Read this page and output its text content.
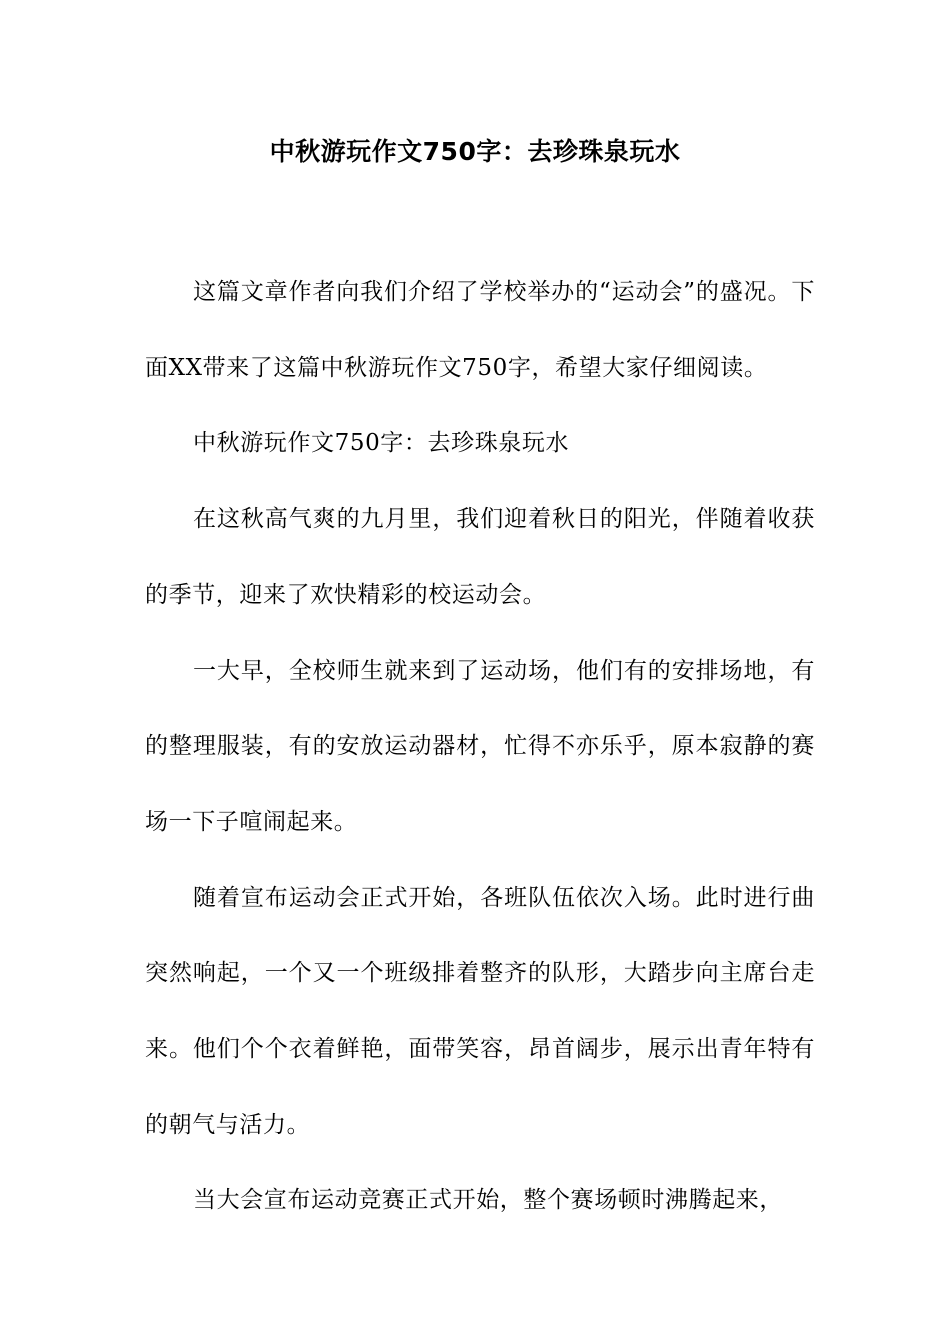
中秋游玩作文750字：去珍珠泉玩水

这篇文章作者向我们介绍了学校举办的“运动会”的盛况。下面XX带来了这篇中秋游玩作文750字，希望大家仔细阅读。

中秋游玩作文750字：去珍珠泉玩水

在这秋高气爽的九月里，我们迎着秋日的阳光，伴随着收获的季节，迎来了欢快精彩的校运动会。

一大早，全校师生就来到了运动场，他们有的安排场地，有的整理服装，有的安放运动器材，忙得不亦乐乎，原本寂静的赛场一下子喧闹起来。

随着宣布运动会正式开始，各班队伍依次入场。此时进行曲突然响起，一个又一个班级排着整齐的队形，大踏步向主席台走来。他们个个衣着鲜艳，面带笑容，昂首阔步，展示出青年特有的朝气与活力。

当大会宣布运动竞赛正式开始，整个赛场顿时沸腾起来，
